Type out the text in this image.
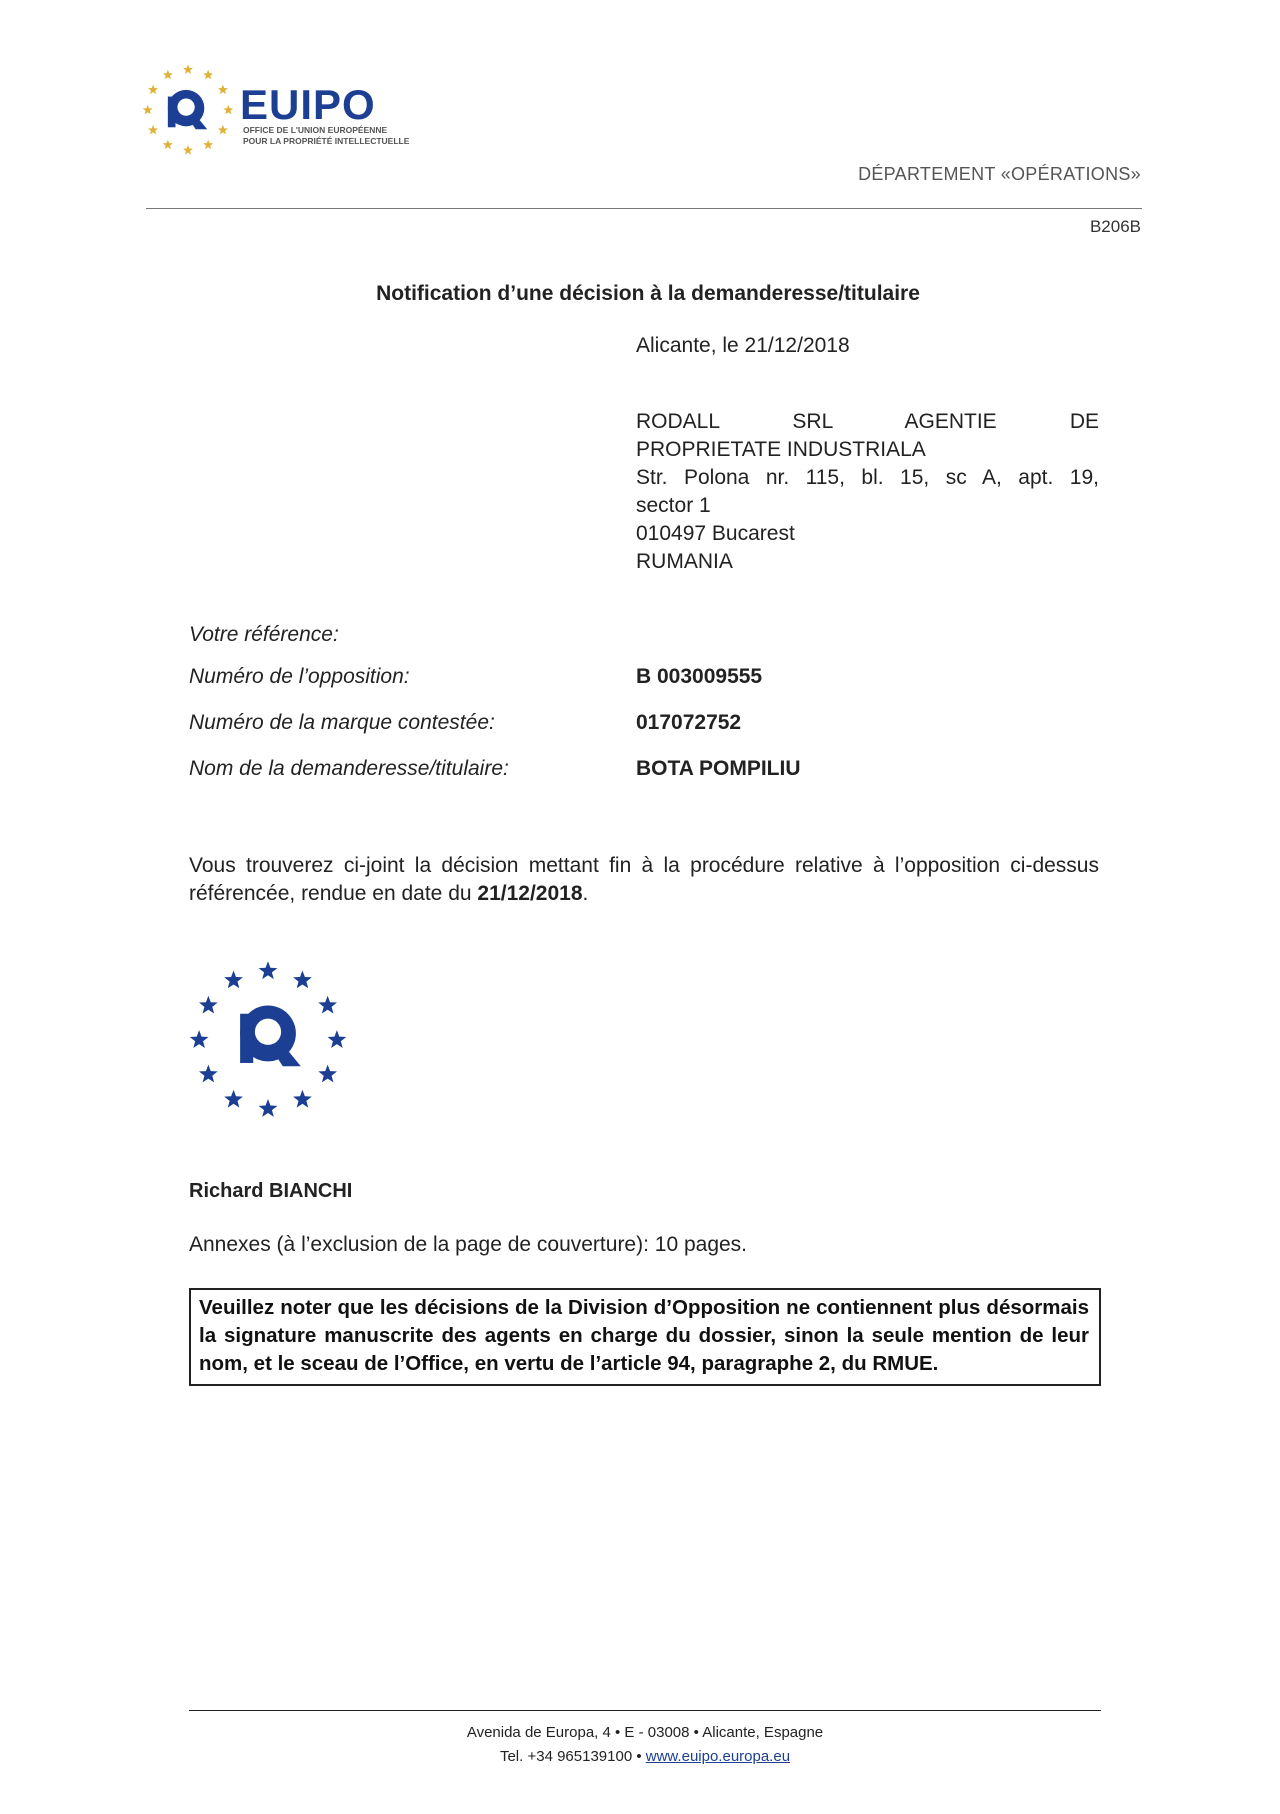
EUIPO
OFFICE DE L'UNION EUROPÉENNE
POUR LA PROPRIÉTÉ INTELLECTUELLE
DÉPARTEMENT «OPÉRATIONS»
B206B
Notification d’une décision à la demanderesse/titulaire
Alicante, le 21/12/2018
RODALL SRL AGENTIE DE
PROPRIETATE INDUSTRIALA
Str. Polona nr. 115, bl. 15, sc A, apt. 19,
sector 1
010497 Bucarest
RUMANIA
Votre référence:
Numéro de l’opposition:	B 003009555
Numéro de la marque contestée:	017072752
Nom de la demanderesse/titulaire:	BOTA POMPILIU
Vous trouverez ci-joint la décision mettant fin à la procédure relative à l’opposition ci-dessus référencée, rendue en date du 21/12/2018.
Richard BIANCHI
Annexes (à l’exclusion de la page de couverture): 10 pages.
Veuillez noter que les décisions de la Division d’Opposition ne contiennent plus désormais la signature manuscrite des agents en charge du dossier, sinon la seule mention de leur nom, et le sceau de l’Office, en vertu de l’article 94, paragraphe 2, du RMUE.
Avenida de Europa, 4 • E - 03008 • Alicante, Espagne
Tel. +34 965139100 • www.euipo.europa.eu
